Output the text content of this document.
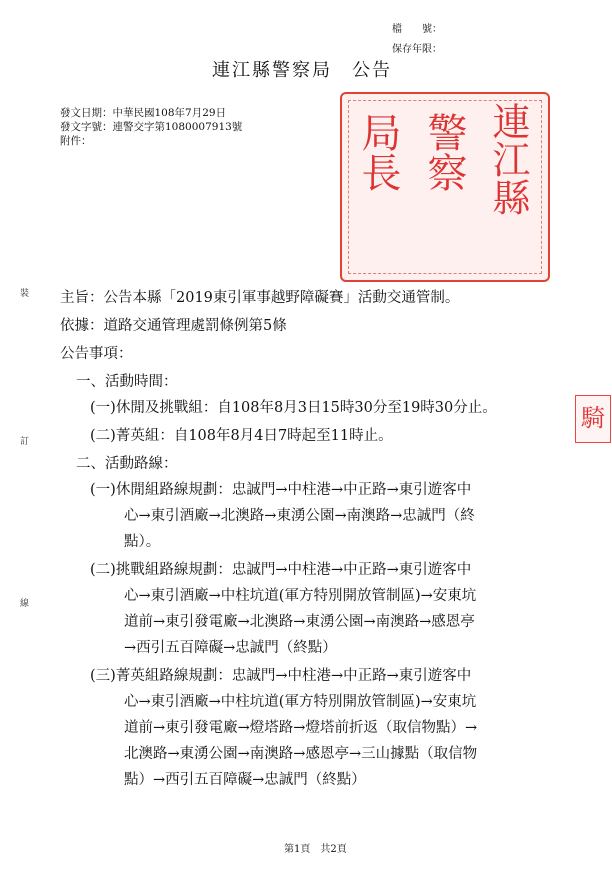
檔　　號：
保存年限：
連江縣警察局　公告
發文日期：中華民國108年7月29日
發文字號：連警交字第1080007913號
附件：	局長 警察 連江縣
騎
裝
訂
線
主旨：公告本縣「2019東引軍事越野障礙賽」活動交通管制。
依據：道路交通管理處罰條例第5條
公告事項：
一、活動時間：
(一)休閒及挑戰組：自108年8月3日15時30分至19時30分止。
(二)菁英組：自108年8月4日7時起至11時止。
二、活動路線：
(一)休閒組路線規劃：忠誠門→中柱港→中正路→東引遊客中
心→東引酒廠→北澳路→東湧公園→南澳路→忠誠門（終
點）。
(二)挑戰組路線規劃：忠誠門→中柱港→中正路→東引遊客中
心→東引酒廠→中柱坑道(軍方特別開放管制區)→安東坑
道前→東引發電廠→北澳路→東湧公園→南澳路→感恩亭
→西引五百障礙→忠誠門（終點）
(三)菁英組路線規劃：忠誠門→中柱港→中正路→東引遊客中
心→東引酒廠→中柱坑道(軍方特別開放管制區)→安東坑
道前→東引發電廠→燈塔路→燈塔前折返（取信物點）→
北澳路→東湧公園→南澳路→感恩亭→三山據點（取信物
點）→西引五百障礙→忠誠門（終點）
第1頁　共2頁
